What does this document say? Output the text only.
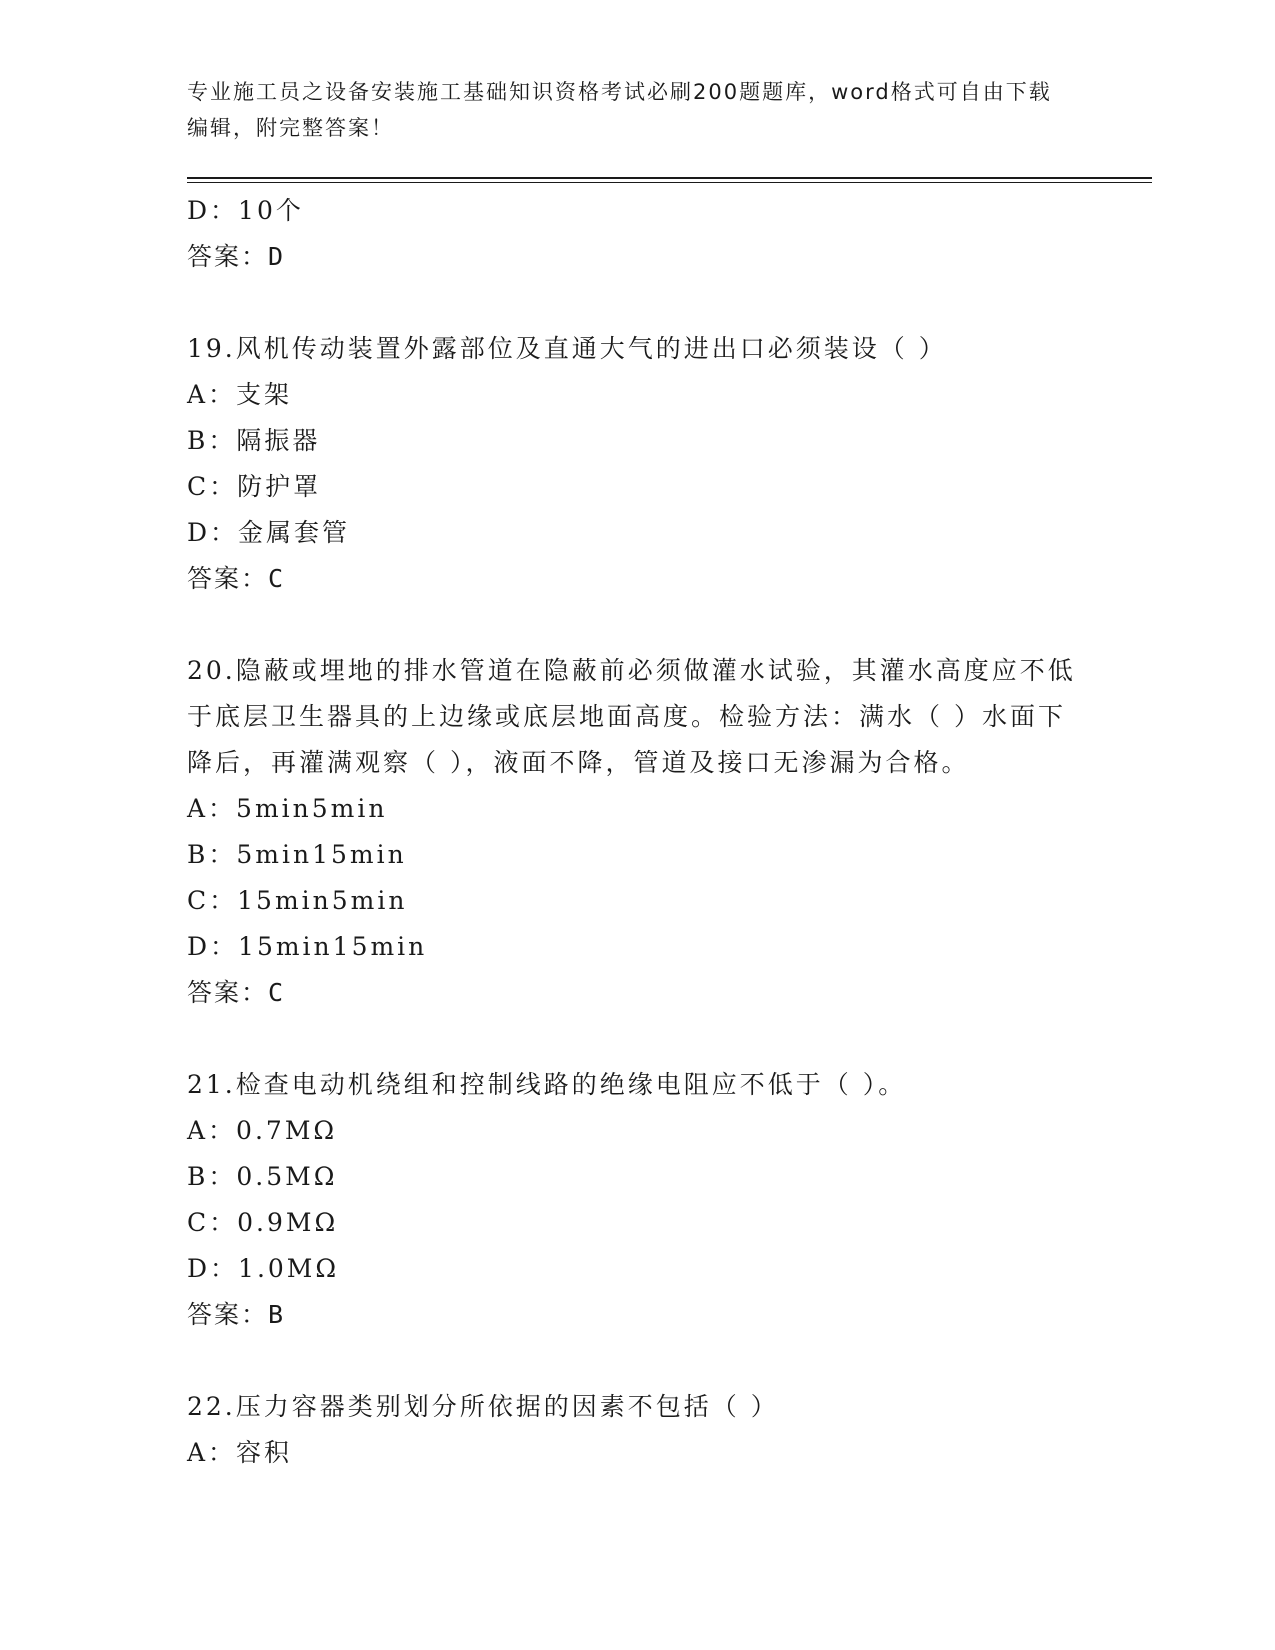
专业施工员之设备安装施工基础知识资格考试必刷200题题库，word格式可自由下载编辑，附完整答案！

D：10个

答案：D

19.风机传动装置外露部位及直通大气的进出口必须装设（ ）

A：支架

B：隔振器

C：防护罩

D：金属套管

答案：C

20.隐蔽或埋地的排水管道在隐蔽前必须做灌水试验，其灌水高度应不低于底层卫生器具的上边缘或底层地面高度。检验方法：满水（ ）水面下降后，再灌满观察（ ），液面不降，管道及接口无渗漏为合格。

A：5min5min

B：5min15min

C：15min5min

D：15min15min

答案：C

21.检查电动机绕组和控制线路的绝缘电阻应不低于（ ）。

A：0.7MΩ

B：0.5MΩ

C：0.9MΩ

D：1.0MΩ

答案：B

22.压力容器类别划分所依据的因素不包括（ ）

A：容积
